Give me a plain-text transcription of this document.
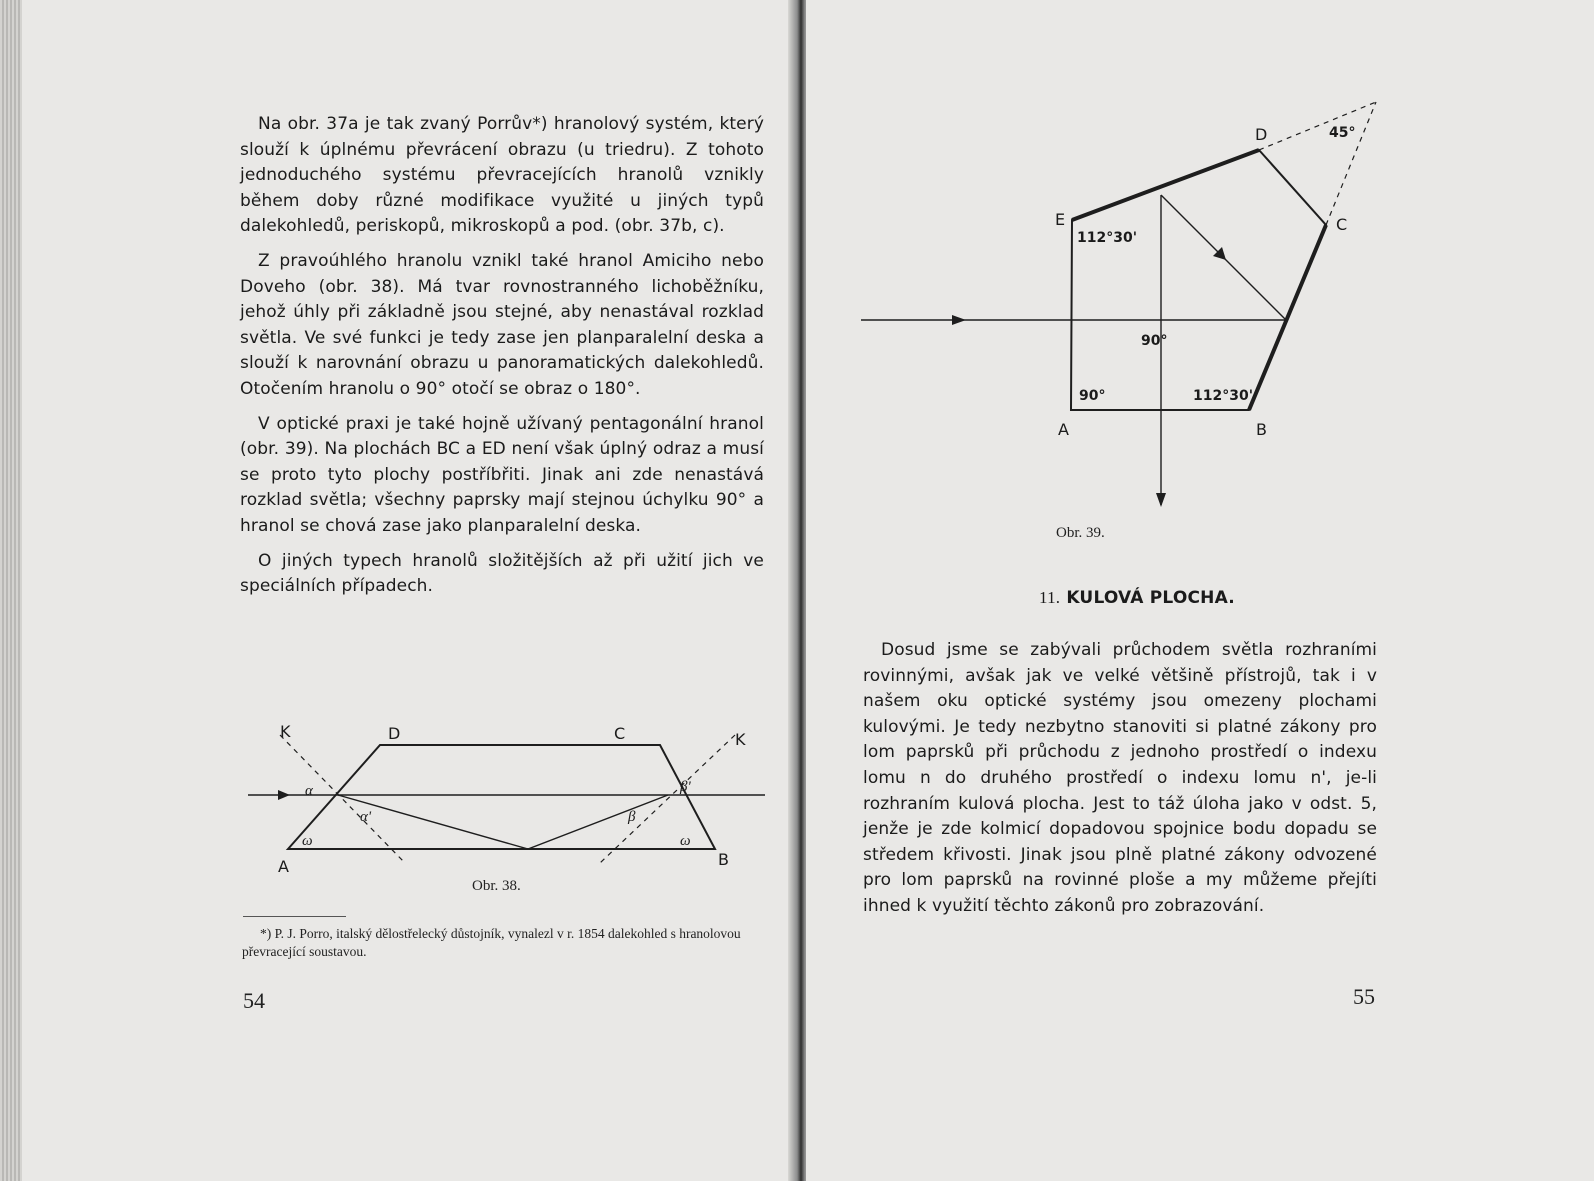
Na obr. 37a je tak zvaný Porrův*) hranolový systém, který slouží k úplnému převrácení obrazu (u triedru). Z tohoto jednoduchého systému převracejících hranolů vznikly během doby různé modifikace využité u jiných typů dalekohledů, periskopů, mikroskopů a pod. (obr. 37b, c).

Z pravoúhlého hranolu vznikl také hranol Amiciho nebo Doveho (obr. 38). Má tvar rovnostranného lichoběžníku, jehož úhly při základně jsou stejné, aby nenastával rozklad světla. Ve své funkci je tedy zase jen planparalelní deska a slouží k narovnání obrazu u panoramatických dalekohledů. Otočením hranolu o 90° otočí se obraz o 180°.

V optické praxi je také hojně užívaný pentagonální hranol (obr. 39). Na plochách BC a ED není však úplný odraz a musí se proto tyto plochy postříbřiti. Jinak ani zde nenastává rozklad světla; všechny paprsky mají stejnou úchylku 90° a hranol se chová zase jako planparalelní deska.

O jiných typech hranolů složitějších až při užití jich ve speciálních případech.

K	K
D	C
A	B
ω	ω
α
α'	β
β'
Obr. 38.
*) P. J. Porro, italský dělostřelecký důstojník, vynalezl v r. 1854 dalekohled s hranolovou převracející soustavou.
54
E
D
C
A	B
112°30'
112°30'
90°
90°
45°
Obr. 39.
11. KULOVÁ PLOCHA.

Dosud jsme se zabývali průchodem světla rozhraními rovinnými, avšak jak ve velké většině přístrojů, tak i v našem oku optické systémy jsou omezeny plochami kulovými. Je tedy nezbytno stanoviti si platné zákony pro lom paprsků při průchodu z jednoho prostředí o indexu lomu n do druhého prostředí o indexu lomu n', je-li rozhraním kulová plocha. Jest to táž úloha jako v odst. 5, jenže je zde kolmicí dopadovou spojnice bodu dopadu se středem křivosti. Jinak jsou plně platné zákony odvozené pro lom paprsků na rovinné ploše a my můžeme přejíti ihned k využití těchto zákonů pro zobrazování.

55
